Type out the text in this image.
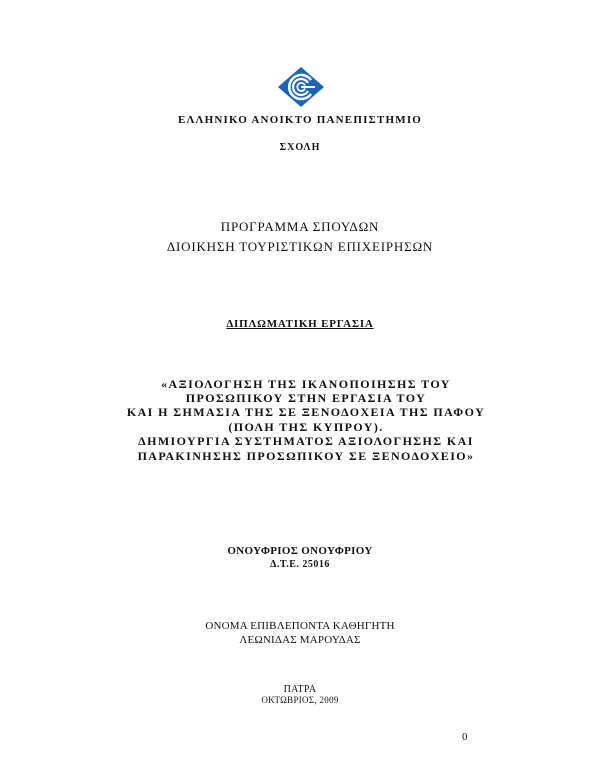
ΕΛΛΗΝΙΚΟ ΑΝΟΙΚΤΟ ΠΑΝΕΠΙΣΤΗΜΙΟ
ΣΧΟΛΗ
ΠΡΟΓΡΑΜΜΑ ΣΠΟΥΔΩΝ
ΔΙΟΙΚΗΣΗ ΤΟΥΡΙΣΤΙΚΩΝ ΕΠΙΧΕΙΡΗΣΩΝ
ΔΙΠΛΩΜΑΤΙΚΗ ΕΡΓΑΣΙΑ
«ΑΞΙΟΛΟΓΗΣΗ ΤΗΣ ΙΚΑΝΟΠΟΙΗΣΗΣ ΤΟΥ
ΠΡΟΣΩΠΙΚΟΥ ΣΤΗΝ ΕΡΓΑΣΙΑ ΤΟΥ
ΚΑΙ Η ΣΗΜΑΣΙΑ ΤΗΣ ΣΕ ΞΕΝΟΔΟΧΕΙΑ ΤΗΣ ΠΑΦΟΥ
(ΠΟΛΗ ΤΗΣ ΚΥΠΡΟΥ).
ΔΗΜΙΟΥΡΓΙΑ ΣΥΣΤΗΜΑΤΟΣ ΑΞΙΟΛΟΓΗΣΗΣ ΚΑΙ
ΠΑΡΑΚΙΝΗΣΗΣ ΠΡΟΣΩΠΙΚΟΥ ΣΕ ΞΕΝΟΔΟΧΕΙΟ»
ΟΝΟΥΦΡΙΟΣ ΟΝΟΥΦΡΙΟΥ
Δ.Τ.Ε. 25016
ΟΝΟΜΑ ΕΠΙΒΛΕΠΟΝΤΑ ΚΑΘΗΓΗΤΗ
ΛΕΩΝΙΔΑΣ ΜΑΡΟΥΔΑΣ
ΠΑΤΡΑ
ΟΚΤΩΒΡΙΟΣ, 2009
0
